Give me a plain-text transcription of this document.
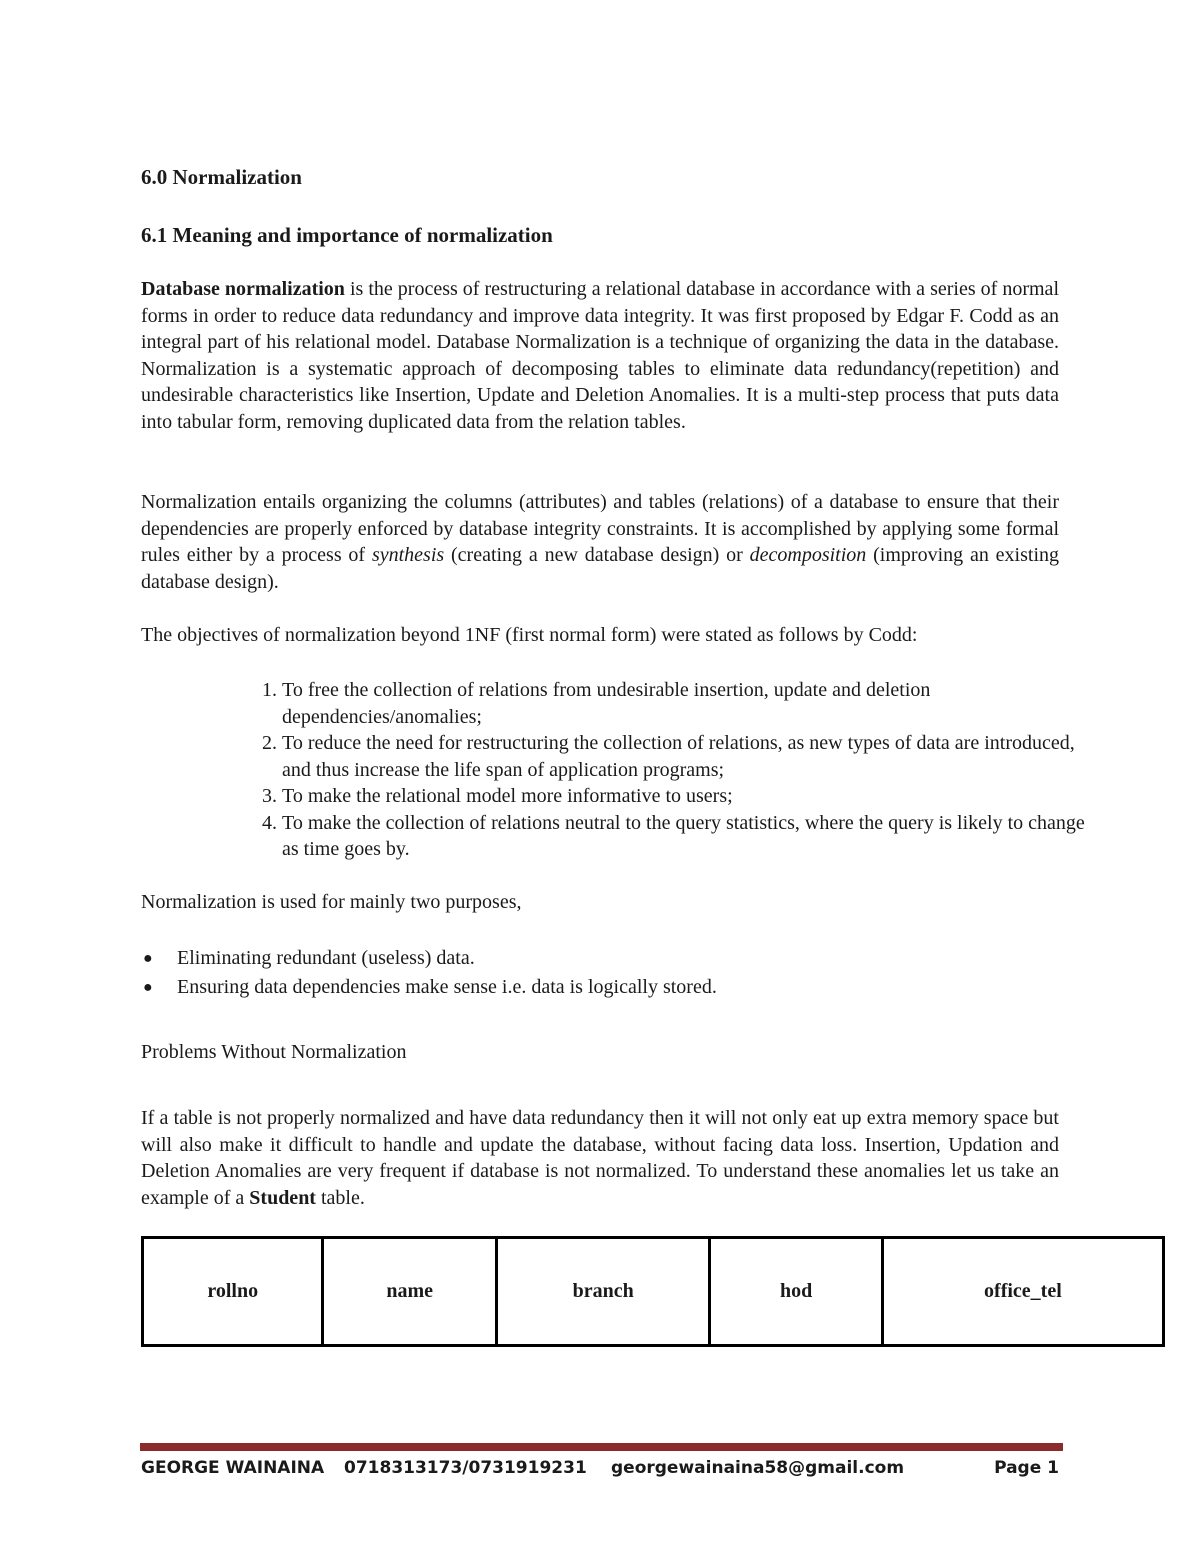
6.0 Normalization

6.1 Meaning and importance of normalization

Database normalization is the process of restructuring a relational database in accordance with a series of normal forms in order to reduce data redundancy and improve data integrity. It was first proposed by Edgar F. Codd as an integral part of his relational model. Database Normalization is a technique of organizing the data in the database. Normalization is a systematic approach of decomposing tables to eliminate data redundancy(repetition) and undesirable characteristics like Insertion, Update and Deletion Anomalies. It is a multi-step process that puts data into tabular form, removing duplicated data from the relation tables.

Normalization entails organizing the columns (attributes) and tables (relations) of a database to ensure that their dependencies are properly enforced by database integrity constraints. It is accomplished by applying some formal rules either by a process of synthesis (creating a new database design) or decomposition (improving an existing database design).

The objectives of normalization beyond 1NF (first normal form) were stated as follows by Codd:

1. To free the collection of relations from undesirable insertion, update and deletion dependencies/anomalies;
2. To reduce the need for restructuring the collection of relations, as new types of data are introduced, and thus increase the life span of application programs;
3. To make the relational model more informative to users;
4. To make the collection of relations neutral to the query statistics, where the query is likely to change as time goes by.

Normalization is used for mainly two purposes,

● Eliminating redundant (useless) data.
● Ensuring data dependencies make sense i.e. data is logically stored.

Problems Without Normalization

If a table is not properly normalized and have data redundancy then it will not only eat up extra memory space but will also make it difficult to handle and update the database, without facing data loss. Insertion, Updation and Deletion Anomalies are very frequent if database is not normalized. To understand these anomalies let us take an example of a Student table.

rollno	name	branch	hod	office_tel
GEORGE WAINAINA 0718313173/0731919231 georgewainaina58@gmail.com	Page 1
